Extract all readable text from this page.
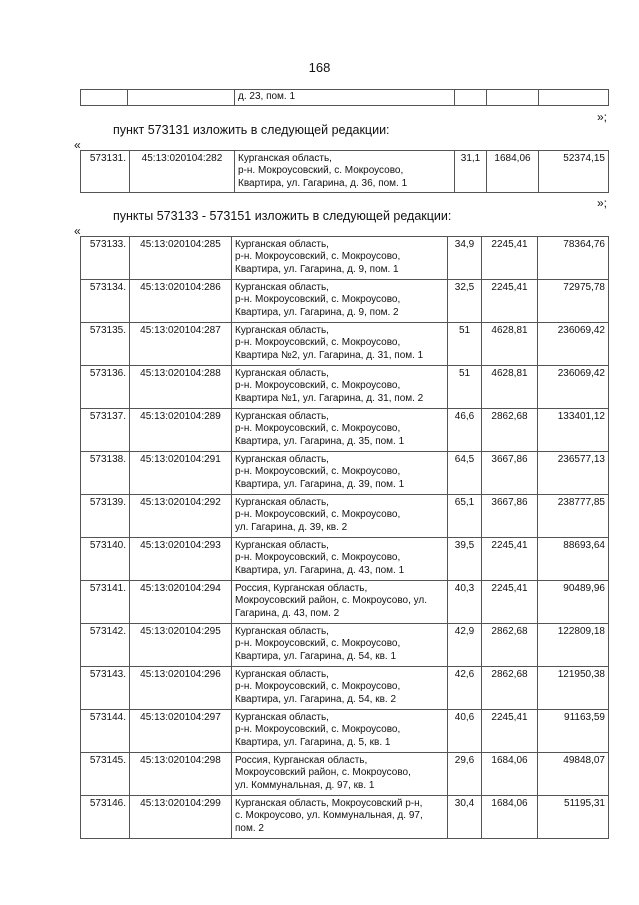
168
		д. 23, пом. 1			
»;
пункт 573131 изложить в следующей редакции:
«
573131.	45:13:020104:282	Курганская область,
р-н. Мокроусовский, с. Мокроусово,
Квартира, ул. Гагарина, д. 36, пом. 1
	31,1	1684,06	52374,15
»;
пункты 573133 - 573151 изложить в следующей редакции:
«
573133.	45:13:020104:285	Курганская область,
р-н. Мокроусовский, с. Мокроусово,
Квартира, ул. Гагарина, д. 9, пом. 1	34,9	2245,41	78364,76
573134.	45:13:020104:286	Курганская область,
р-н. Мокроусовский, с. Мокроусово,
Квартира, ул. Гагарина, д. 9, пом. 2	32,5	2245,41	72975,78
573135.	45:13:020104:287	Курганская область,
р-н. Мокроусовский, с. Мокроусово,
Квартира №2, ул. Гагарина, д. 31, пом. 1	51	4628,81	236069,42
573136.	45:13:020104:288	Курганская область,
р-н. Мокроусовский, с. Мокроусово,
Квартира №1, ул. Гагарина, д. 31, пом. 2	51	4628,81	236069,42
573137.	45:13:020104:289	Курганская область,
р-н. Мокроусовский, с. Мокроусово,
Квартира, ул. Гагарина, д. 35, пом. 1	46,6	2862,68	133401,12
573138.	45:13:020104:291	Курганская область,
р-н. Мокроусовский, с. Мокроусово,
Квартира, ул. Гагарина, д. 39, пом. 1	64,5	3667,86	236577,13
573139.	45:13:020104:292	Курганская область,
р-н. Мокроусовский, с. Мокроусово,
ул. Гагарина, д. 39, кв. 2	65,1	3667,86	238777,85
573140.	45:13:020104:293	Курганская область,
р-н. Мокроусовский, с. Мокроусово,
Квартира, ул. Гагарина, д. 43, пом. 1	39,5	2245,41	88693,64
573141.	45:13:020104:294	Россия, Курганская область,
Мокроусовский район, с. Мокроусово, ул.
Гагарина, д. 43, пом. 2	40,3	2245,41	90489,96
573142.	45:13:020104:295	Курганская область,
р-н. Мокроусовский, с. Мокроусово,
Квартира, ул. Гагарина, д. 54, кв. 1	42,9	2862,68	122809,18
573143.	45:13:020104:296	Курганская область,
р-н. Мокроусовский, с. Мокроусово,
Квартира, ул. Гагарина, д. 54, кв. 2	42,6	2862,68	121950,38
573144.	45:13:020104:297	Курганская область,
р-н. Мокроусовский, с. Мокроусово,
Квартира, ул. Гагарина, д. 5, кв. 1	40,6	2245,41	91163,59
573145.	45:13:020104:298	Россия, Курганская область,
Мокроусовский район, с. Мокроусово,
ул. Коммунальная, д. 97, кв. 1	29,6	1684,06	49848,07
573146.	45:13:020104:299	Курганская область, Мокроусовский р-н,
с. Мокроусово, ул. Коммунальная, д. 97,
пом. 2	30,4	1684,06	51195,31
